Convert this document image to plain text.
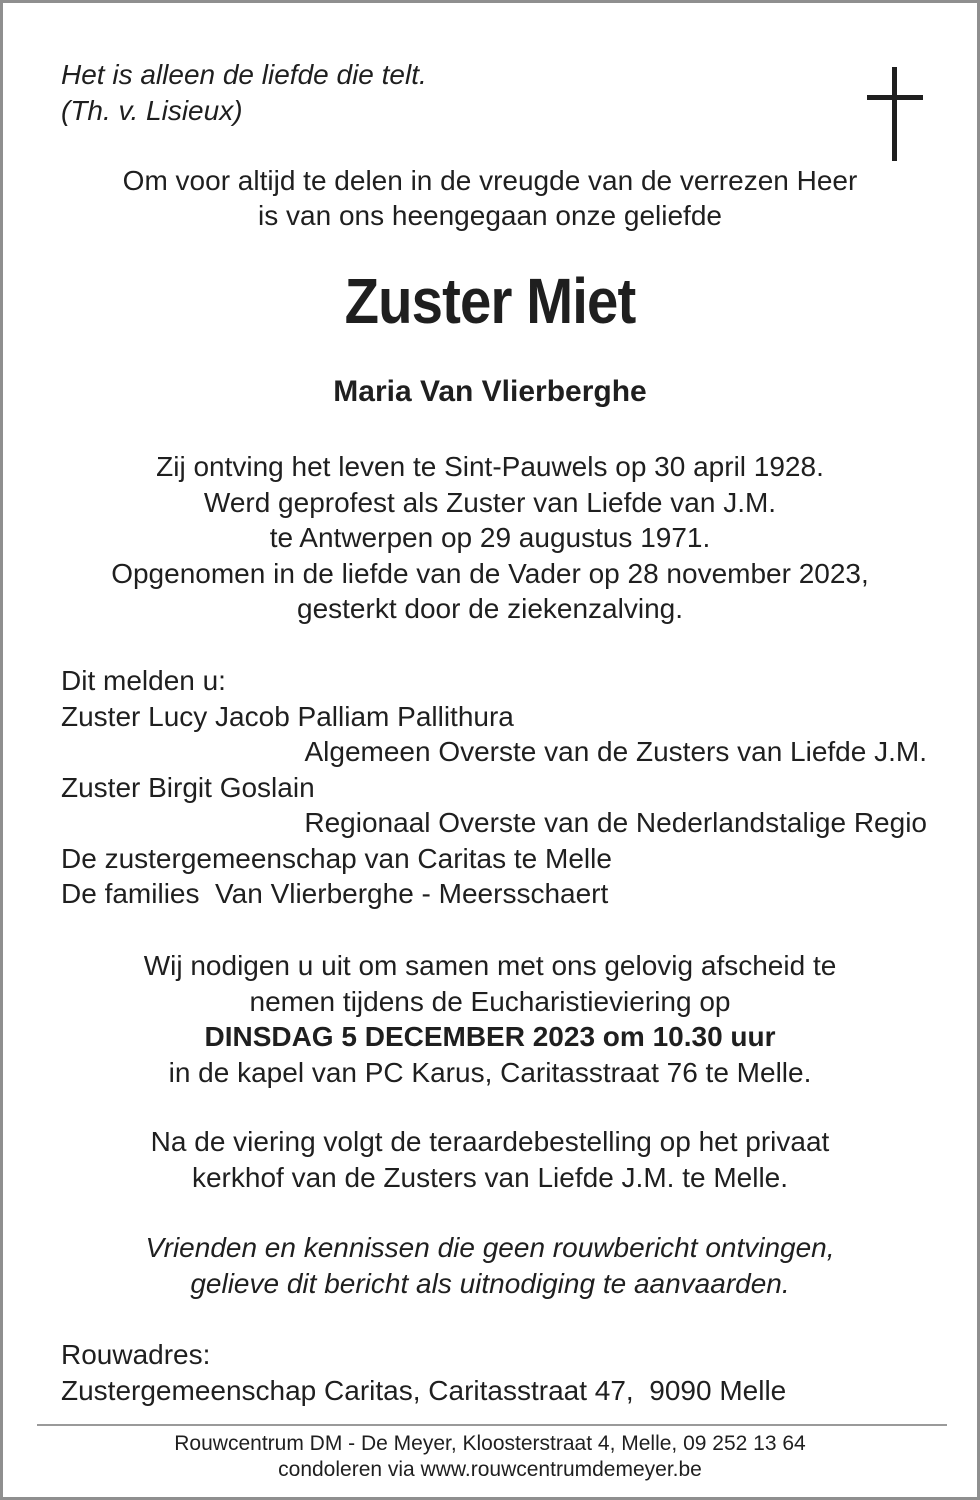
Het is alleen de liefde die telt.
(Th. v. Lisieux)
Om voor altijd te delen in de vreugde van de verrezen Heer
is van ons heengegaan onze geliefde
Zuster Miet
Maria Van Vlierberghe
Zij ontving het leven te Sint-Pauwels op 30 april 1928.
Werd geprofest als Zuster van Liefde van J.M.
te Antwerpen op 29 augustus 1971.
Opgenomen in de liefde van de Vader op 28 november 2023,
gesterkt door de ziekenzalving.
Dit melden u:
Zuster Lucy Jacob Palliam Pallithura
Algemeen Overste van de Zusters van Liefde J.M.
Zuster Birgit Goslain
Regionaal Overste van de Nederlandstalige Regio
De zustergemeenschap van Caritas te Melle
De families  Van Vlierberghe - Meersschaert
Wij nodigen u uit om samen met ons gelovig afscheid te
nemen tijdens de Eucharistieviering op
DINSDAG 5 DECEMBER 2023 om 10.30 uur
in de kapel van PC Karus, Caritasstraat 76 te Melle.
Na de viering volgt de teraardebestelling op het privaat
kerkhof van de Zusters van Liefde J.M. te Melle.
Vrienden en kennissen die geen rouwbericht ontvingen,
gelieve dit bericht als uitnodiging te aanvaarden.
Rouwadres:
Zustergemeenschap Caritas, Caritasstraat 47,  9090 Melle
Rouwcentrum DM - De Meyer, Kloosterstraat 4, Melle, 09 252 13 64
condoleren via www.rouwcentrumdemeyer.be
